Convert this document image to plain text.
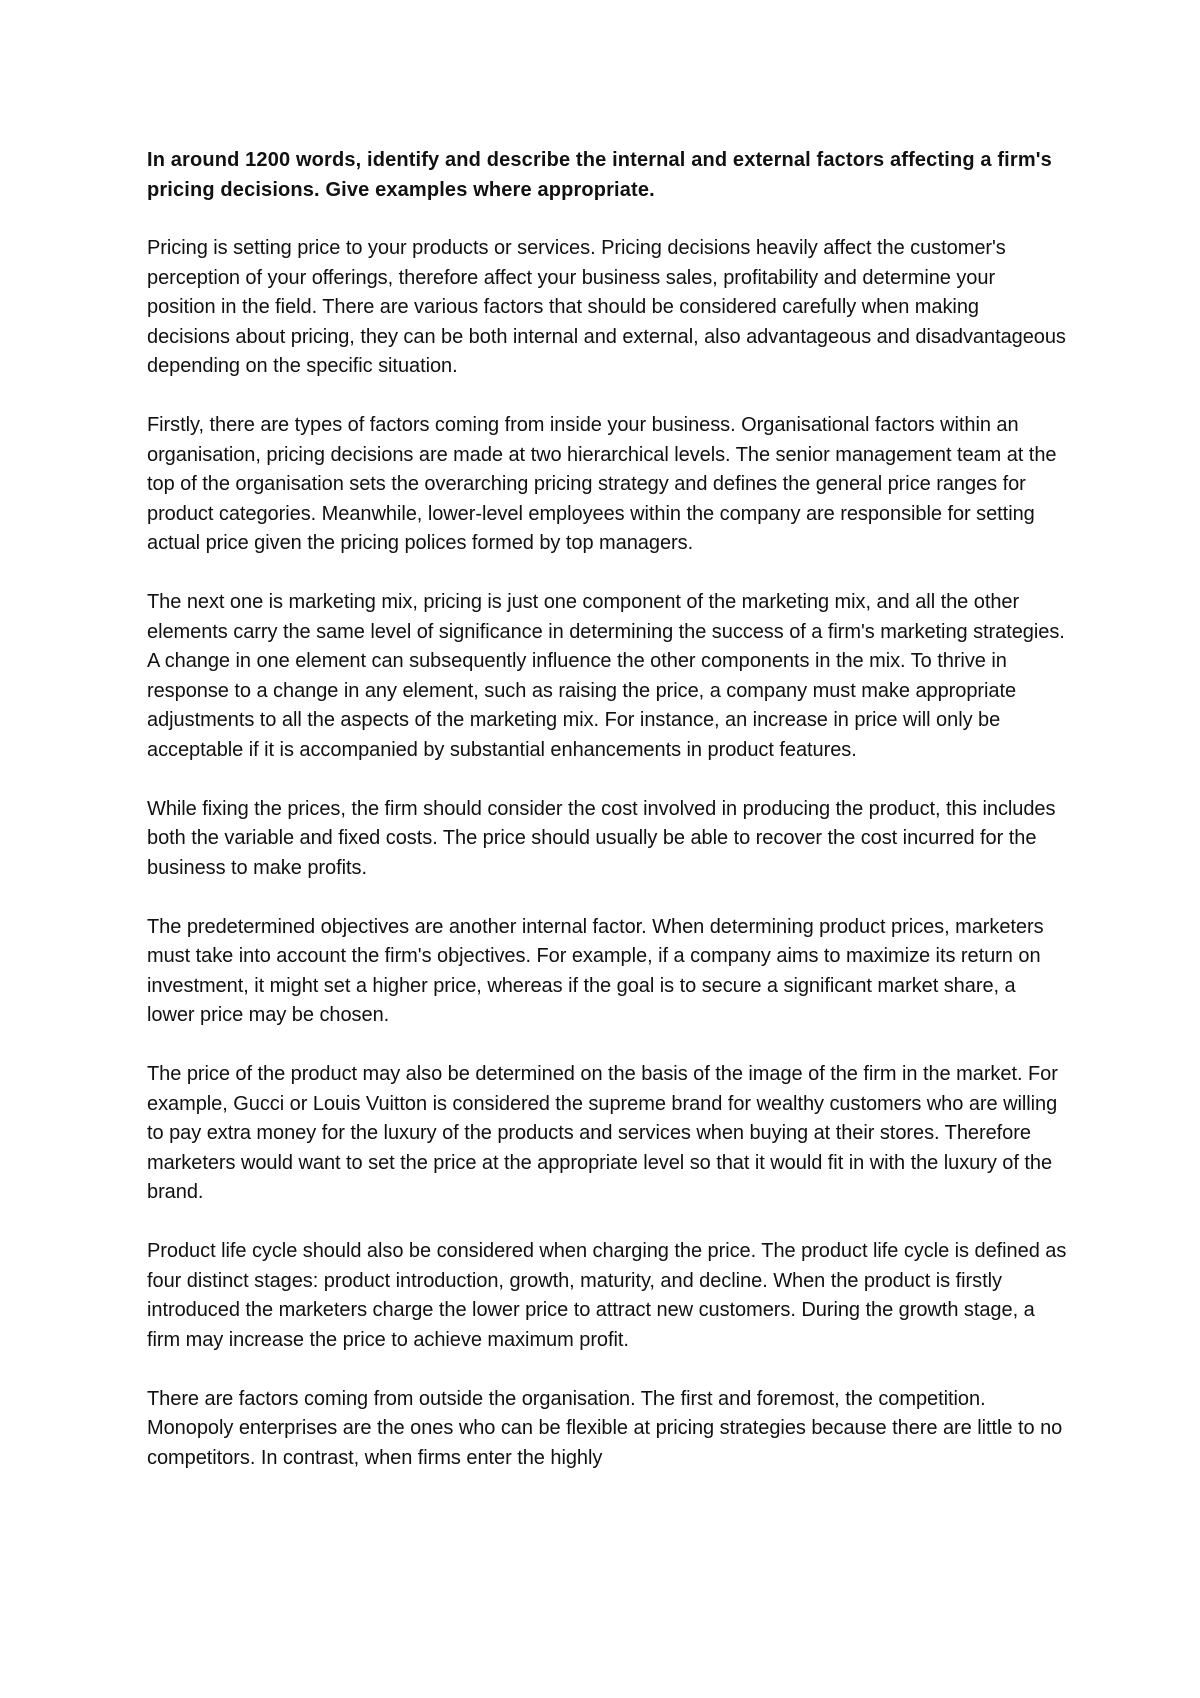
In around 1200 words, identify and describe the internal and external factors affecting a firm's pricing decisions. Give examples where appropriate.

Pricing is setting price to your products or services. Pricing decisions heavily affect the customer's perception of your offerings, therefore affect your business sales, profitability and determine your position in the field. There are various factors that should be considered carefully when making decisions about pricing, they can be both internal and external, also advantageous and disadvantageous depending on the specific situation.

Firstly, there are types of factors coming from inside your business. Organisational factors within an organisation, pricing decisions are made at two hierarchical levels. The senior management team at the top of the organisation sets the overarching pricing strategy and defines the general price ranges for product categories. Meanwhile, lower-level employees within the company are responsible for setting actual price given the pricing polices formed by top managers.

The next one is marketing mix, pricing is just one component of the marketing mix, and all the other elements carry the same level of significance in determining the success of a firm's marketing strategies. A change in one element can subsequently influence the other components in the mix. To thrive in response to a change in any element, such as raising the price, a company must make appropriate adjustments to all the aspects of the marketing mix. For instance, an increase in price will only be acceptable if it is accompanied by substantial enhancements in product features.

While fixing the prices, the firm should consider the cost involved in producing the product, this includes both the variable and fixed costs. The price should usually be able to recover the cost incurred for the business to make profits.

The predetermined objectives are another internal factor. When determining product prices, marketers must take into account the firm's objectives. For example, if a company aims to maximize its return on investment, it might set a higher price, whereas if the goal is to secure a significant market share, a lower price may be chosen.

The price of the product may also be determined on the basis of the image of the firm in the market. For example, Gucci or Louis Vuitton is considered the supreme brand for wealthy customers who are willing to pay extra money for the luxury of the products and services when buying at their stores. Therefore marketers would want to set the price at the appropriate level so that it would fit in with the luxury of the brand.

Product life cycle should also be considered when charging the price. The product life cycle is defined as four distinct stages: product introduction, growth, maturity, and decline. When the product is firstly introduced the marketers charge the lower price to attract new customers. During the growth stage, a firm may increase the price to achieve maximum profit.

There are factors coming from outside the organisation. The first and foremost, the competition. Monopoly enterprises are the ones who can be flexible at pricing strategies because there are little to no competitors. In contrast, when firms enter the highly
